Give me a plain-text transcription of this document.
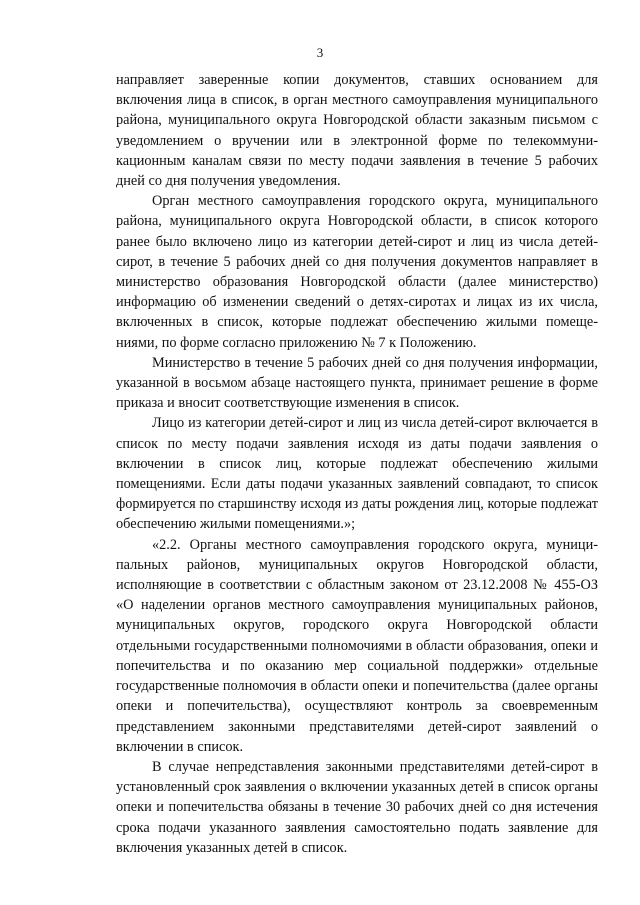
3

направляет заверенные копии документов, ставших основанием для включения лица в список, в орган местного самоуправления муниципального района, муниципального округа Новгородской области заказным письмом с уведомлением о вручении или в электронной форме по телекоммуни-кационным каналам связи по месту подачи заявления в течение 5 рабочих дней со дня получения уведомления.

Орган местного самоуправления городского округа, муниципального района, муниципального округа Новгородской области, в список которого ранее было включено лицо из категории детей-сирот и лиц из числа детей-сирот, в течение 5 рабочих дней со дня получения документов направляет в министерство образования Новгородской области (далее министерство) информацию об изменении сведений о детях-сиротах и лицах из их числа, включенных в список, которые подлежат обеспечению жилыми помеще-ниями, по форме согласно приложению № 7 к Положению.

Министерство в течение 5 рабочих дней со дня получения информации, указанной в восьмом абзаце настоящего пункта, принимает решение в форме приказа и вносит соответствующие изменения в список.

Лицо из категории детей-сирот и лиц из числа детей-сирот включается в список по месту подачи заявления исходя из даты подачи заявления о включении в список лиц, которые подлежат обеспечению жилыми помещениями. Если даты подачи указанных заявлений совпадают, то список формируется по старшинству исходя из даты рождения лиц, которые подлежат обеспечению жилыми помещениями.»;

«2.2. Органы местного самоуправления городского округа, муници-пальных районов, муниципальных округов Новгородской области, исполняющие в соответствии с областным законом от 23.12.2008 № 455-ОЗ «О наделении органов местного самоуправления муниципальных районов, муниципальных округов, городского округа Новгородской области отдельными государственными полномочиями в области образования, опеки и попечительства и по оказанию мер социальной поддержки» отдельные государственные полномочия в области опеки и попечительства (далее органы опеки и попечительства), осуществляют контроль за своевременным представлением законными представителями детей-сирот заявлений о включении в список.

В случае непредставления законными представителями детей-сирот в установленный срок заявления о включении указанных детей в список органы опеки и попечительства обязаны в течение 30 рабочих дней со дня истечения срока подачи указанного заявления самостоятельно подать заявление для включения указанных детей в список.
